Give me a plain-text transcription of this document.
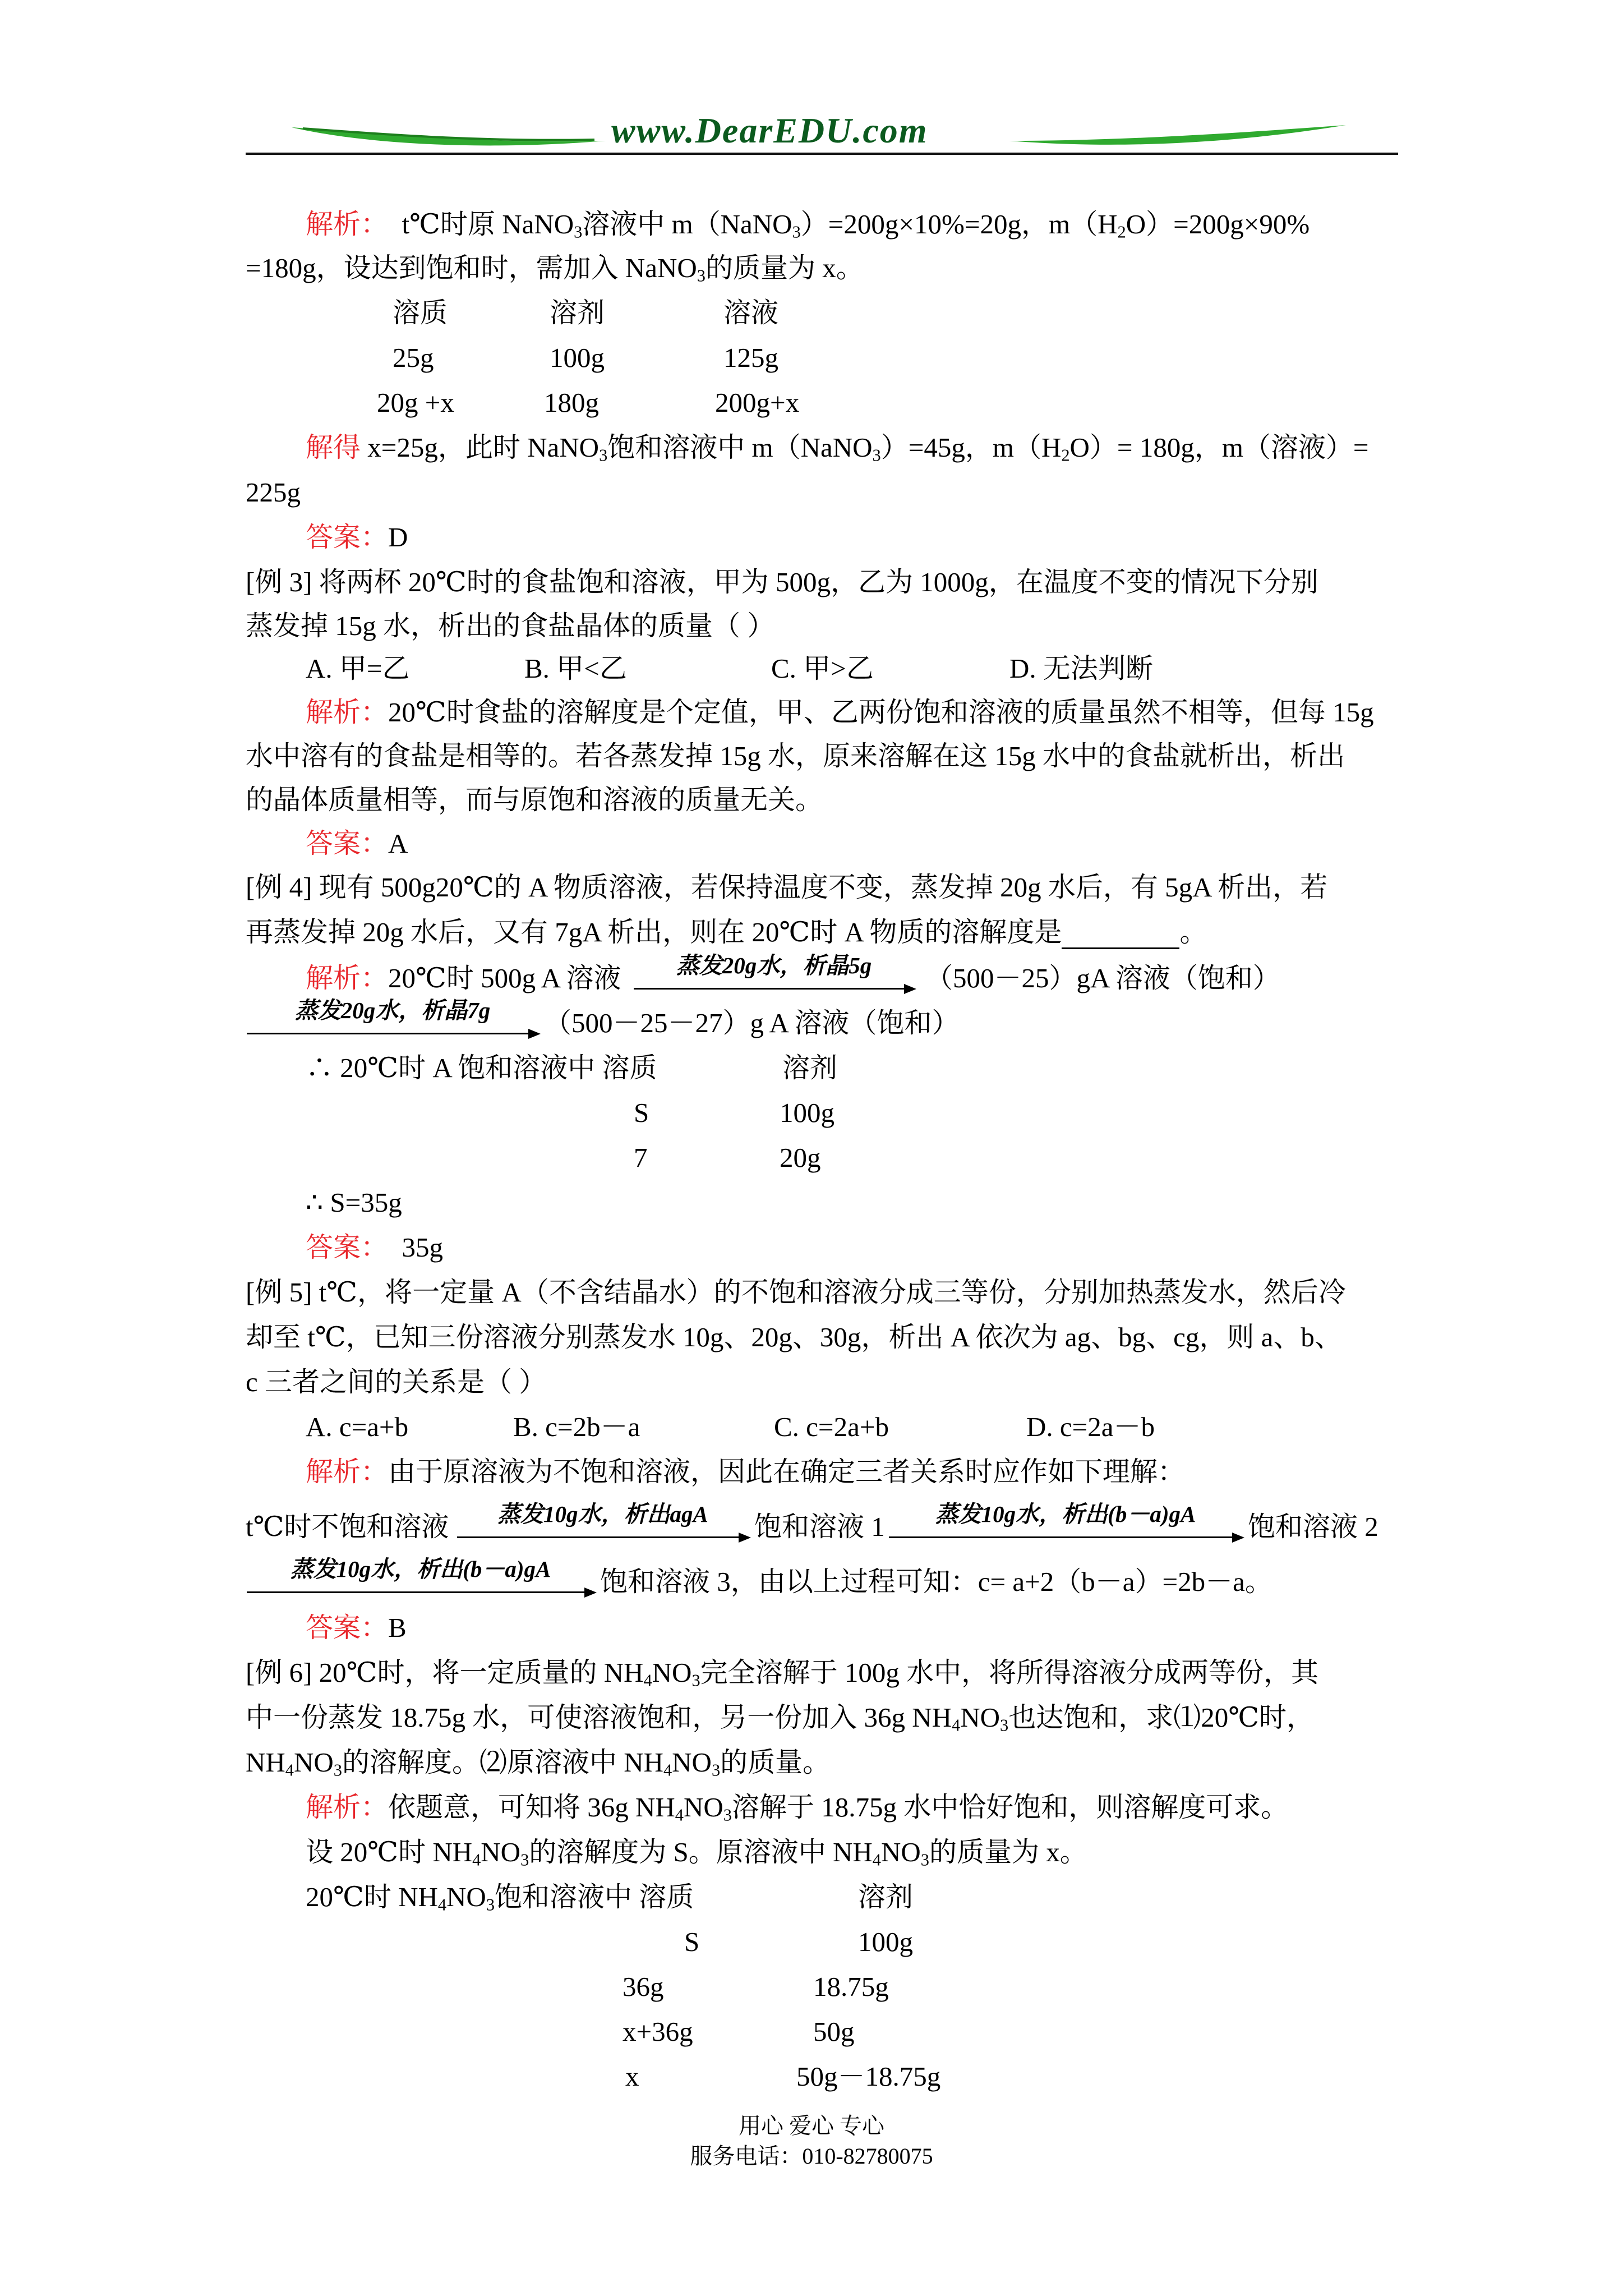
www.DearEDU.com
解析： t℃时原 NaNO$_3$溶液中 m（NaNO$_3$）=200g×10%=20g，$m(H_2O)=200g\times 90\%$
=180g，设达到饱和时，需加入 NaNO$_3$的质量为 x。
溶质	溶剂	溶液
25g	100g	125g
20g +x	180g	200g+x
解得 x=25g，此时 NaNO$_3$饱和溶液中 m（NaNO$_3$）=45g，$m(H_2O)= 180g$，m（溶液）=
225g
答案：D
[例 3] 将两杯 20℃时的食盐饱和溶液，甲为 500g，乙为 1000g，在温度不变的情况下分别
蒸发掉 15g 水，析出的食盐晶体的质量（ ）
A. 甲=乙	B. 甲<乙	C. 甲>乙	D. 无法判断
解析：20℃时食盐的溶解度是个定值，甲、乙两份饱和溶液的质量虽然不相等，但每 15g
水中溶有的食盐是相等的。若各蒸发掉 15g 水，原来溶解在这 15g 水中的食盐就析出，析出
的晶体质量相等，而与原饱和溶液的质量无关。
答案：A
[例 4] 现有 500g20℃的 A 物质溶液，若保持温度不变，蒸发掉 20g 水后，有 5gA 析出，若
再蒸发掉 20g 水后，又有 7gA 析出，则在 20℃时 A 物质的溶解度是	。
解析：20℃时 500g A 溶液	蒸发20g水，析晶5g	（500－25）gA 溶液（饱和）
蒸发20g水，析晶7g	（500－25－27）g A 溶液（饱和）
∴ 20℃时 A 饱和溶液中 溶质	溶剂
S	100g
7	20g
∴ S=35g
答案： 35g
[例 5] t℃，将一定量 A（不含结晶水）的不饱和溶液分成三等份，分别加热蒸发水，然后冷
却至 t℃，已知三份溶液分别蒸发水 10g、20g、30g，析出 A 依次为 ag、bg、cg，则 a、b、
c 三者之间的关系是（ ）
A. c=a+b	B. c=2b－a	C. c=2a+b	D. c=2a－b
解析：由于原溶液为不饱和溶液，因此在确定三者关系时应作如下理解：
t℃时不饱和溶液	蒸发10g水，析出agA	饱和溶液 1	蒸发10g水，析出(b－a)gA	饱和溶液 2
蒸发10g水，析出(b－a)gA	饱和溶液 3，由以上过程可知：c= a+2（b－a）=2b－a。
答案：B
[例 6] 20℃时，将一定质量的 $NH_4NO_3$完全溶解于 100g 水中，将所得溶液分成两等份，其
中一份蒸发 18.75g 水，可使溶液饱和，另一份加入 36g $NH_4NO_3$也达饱和，求⑴20℃时，
$NH_4NO_3$的溶解度。⑵原溶液中 $NH_4NO_3$的质量。
解析：依题意，可知将 36g $NH_4NO_3$溶解于 18.75g 水中恰好饱和，则溶解度可求。
设 20℃时 $NH_4NO_3$的溶解度为 S。原溶液中 $NH_4NO_3$的质量为 x。
20℃时 $NH_4NO_3$饱和溶液中 溶质	溶剂
S	100g
36g	18.75g
x+36g	50g
x	50g－18.75g
用心 爱心 专心
服务电话：010-82780075
